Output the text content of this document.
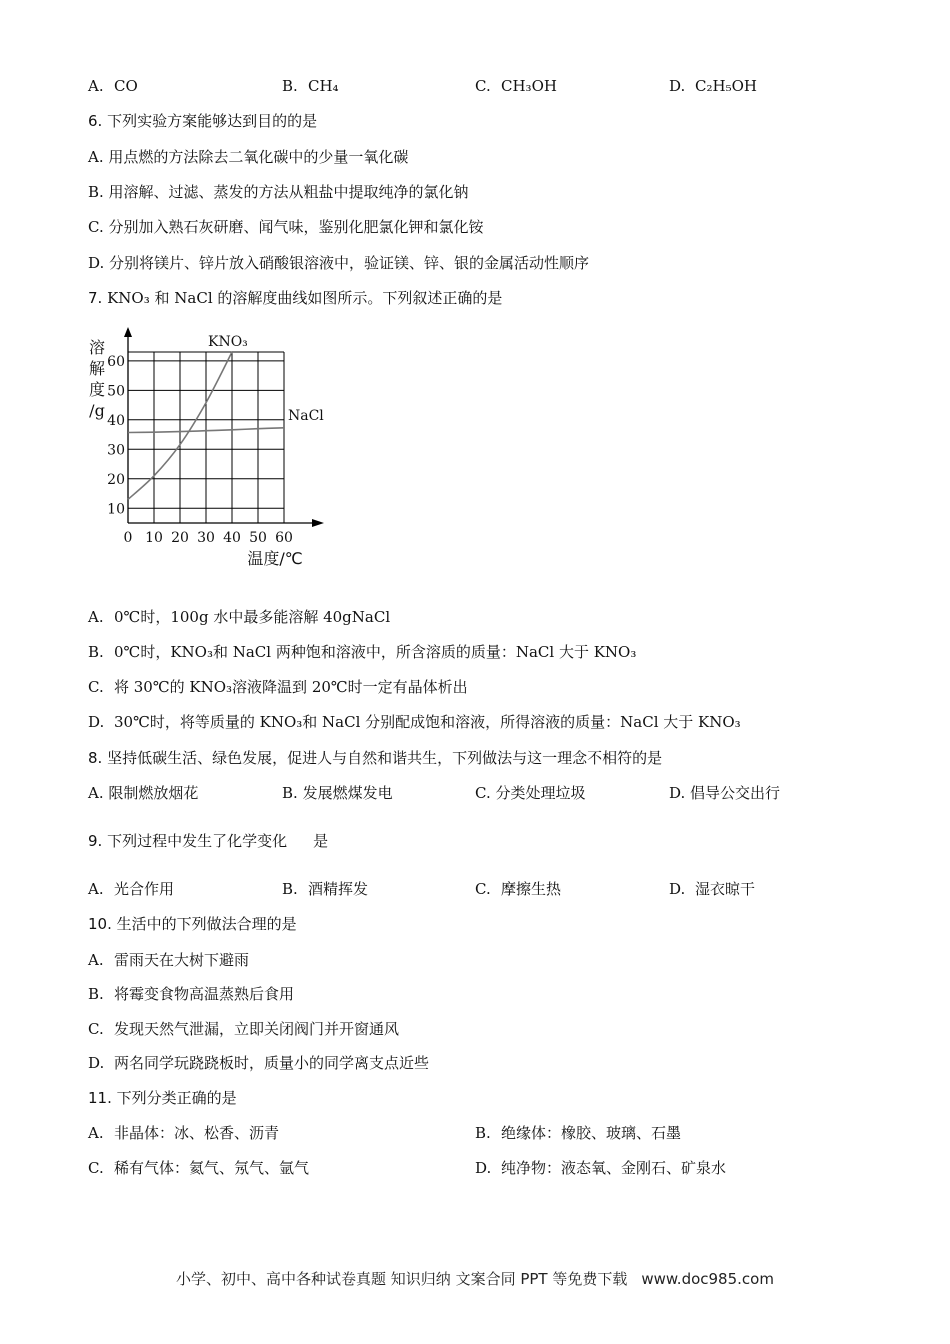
A. CO	B. CH₄	C. CH₃OH	D. C₂H₅OH
6. 下列实验方案能够达到目的的是
A. 用点燃的方法除去二氧化碳中的少量一氧化碳
B. 用溶解、过滤、蒸发的方法从粗盐中提取纯净的氯化钠
C. 分别加入熟石灰研磨、闻气味，鉴别化肥氯化钾和氯化铵
D. 分别将镁片、锌片放入硝酸银溶液中，验证镁、锌、银的金属活动性顺序
7. KNO₃ 和 NaCl 的溶解度曲线如图所示。下列叙述正确的是
0 10 20 30 40 50 60
10
20
30
40
50
60
溶
解
度
/g
温度/℃
KNO₃
NaCl
A. 0℃时，100g 水中最多能溶解 40gNaCl
B. 0℃时，KNO₃和 NaCl 两种饱和溶液中，所含溶质的质量：NaCl 大于 KNO₃
C. 将 30℃的 KNO₃溶液降温到 20℃时一定有晶体析出
D. 30℃时，将等质量的 KNO₃和 NaCl 分别配成饱和溶液，所得溶液的质量：NaCl 大于 KNO₃
8. 坚持低碳生活、绿色发展，促进人与自然和谐共生，下列做法与这一理念不相符的是
A. 限制燃放烟花	B. 发展燃煤发电	C. 分类处理垃圾	D. 倡导公交出行
9. 下列过程中发生了化学变化 是
A. 光合作用	B. 酒精挥发	C. 摩擦生热	D. 湿衣晾干
10. 生活中的下列做法合理的是
A. 雷雨天在大树下避雨
B. 将霉变食物高温蒸熟后食用
C. 发现天然气泄漏，立即关闭阀门并开窗通风
D. 两名同学玩跷跷板时，质量小的同学离支点近些
11. 下列分类正确的是
A. 非晶体：冰、松香、沥青	B. 绝缘体：橡胶、玻璃、石墨
C. 稀有气体：氦气、氖气、氩气	D. 纯净物：液态氧、金刚石、矿泉水
小学、初中、高中各种试卷真题 知识归纳 文案合同 PPT 等免费下载 www.doc985.com
